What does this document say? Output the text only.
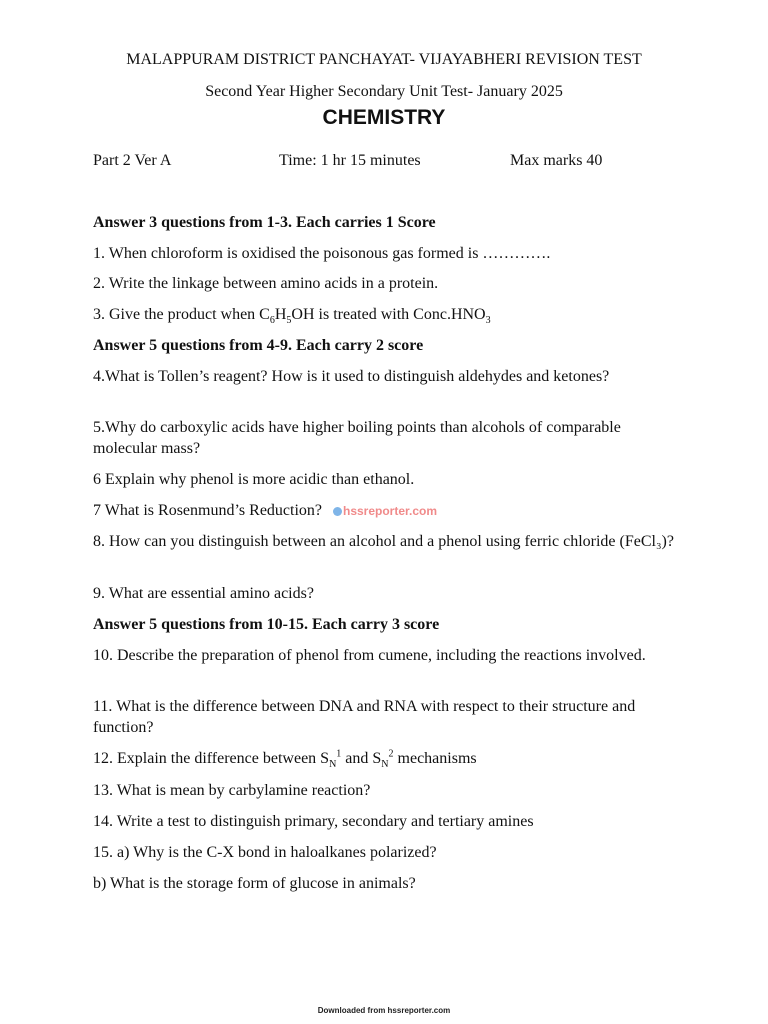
MALAPPURAM DISTRICT PANCHAYAT- VIJAYABHERI REVISION TEST
Second Year Higher Secondary Unit Test- January 2025
CHEMISTRY
Part 2 Ver A	Time: 1 hr 15 minutes	Max marks 40
Answer 3 questions from 1-3. Each carries 1 Score
1. When chloroform is oxidised the poisonous gas formed is ………….
2. Write the linkage between amino acids in a protein.
3. Give the product when $C_6H_5OH$ is treated with $Conc.HNO_3$
Answer 5 questions from 4-9. Each carry 2 score
4.What is Tollen’s reagent? How is it used to distinguish aldehydes and ketones?
5.Why do carboxylic acids have higher boiling points than alcohols of comparable molecular mass?
6 Explain why phenol is more acidic than ethanol.
7 What is Rosenmund’s Reduction?
8. How can you distinguish between an alcohol and a phenol using ferric chloride (FeCl₃)?
9. What are essential amino acids?
Answer 5 questions from 10-15. Each carry 3 score
10. Describe the preparation of phenol from cumene, including the reactions involved.
11. What is the difference between DNA and RNA with respect to their structure and function?
12. Explain the difference between $S_N^1$ and $S_N^2$ mechanisms
13. What is mean by carbylamine reaction?
14. Write a test to distinguish primary, secondary and tertiary amines
15. a) Why is the C-X bond in haloalkanes polarized?
b) What is the storage form of glucose in animals?
hssreporter.com
Downloaded from hssreporter.com
